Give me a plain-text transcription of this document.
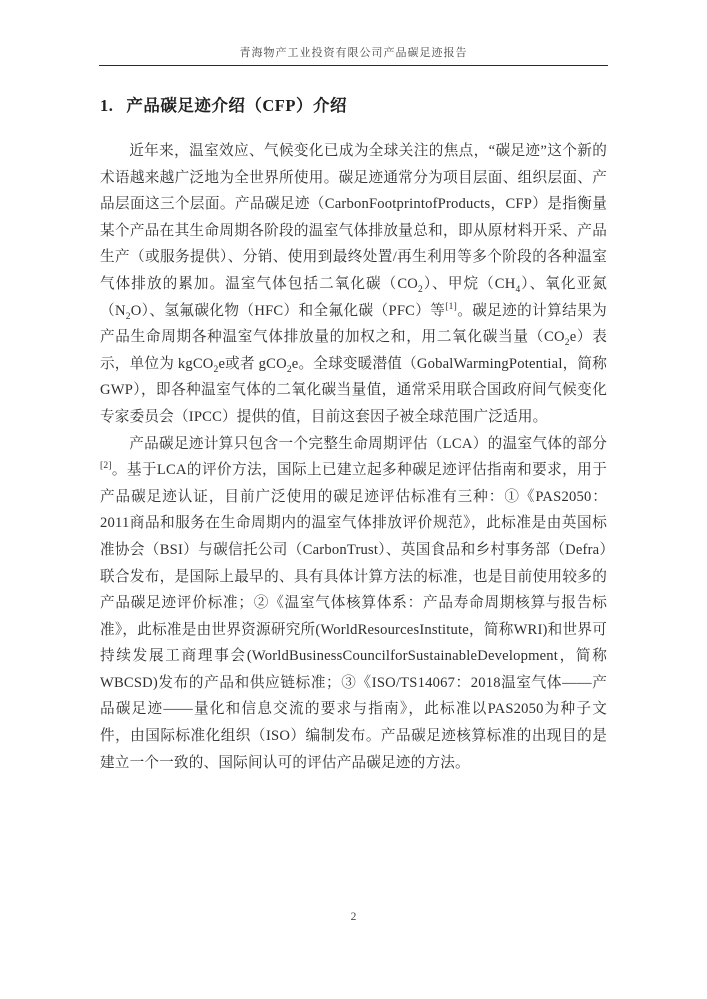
青海物产工业投资有限公司产品碳足迹报告
1. 产品碳足迹介绍（CFP）介绍

近年来，温室效应、气候变化已成为全球关注的焦点，“碳足迹”这个新的术语越来越广泛地为全世界所使用。碳足迹通常分为项目层面、组织层面、产品层面这三个层面。产品碳足迹（CarbonFootprintofProducts，CFP）是指衡量某个产品在其生命周期各阶段的温室气体排放量总和，即从原材料开采、产品生产（或服务提供）、分销、使用到最终处置/再生利用等多个阶段的各种温室气体排放的累加。温室气体包括二氧化碳$(CO_2)$、甲烷$(CH_4)$、氧化亚氮$(N_2O)$、氢氟碳化物（HFC）和全氟化碳（PFC）等[1]。碳足迹的计算结果为产品生命周期各种温室气体排放量的加权之和，用二氧化碳当量$(CO_2e)$表示，单位为 kgCO$_2$e或者 gCO$_2$e。全球变暖潜值（GobalWarmingPotential，简称 GWP），即各种温室气体的二氧化碳当量值，通常采用联合国政府间气候变化专家委员会（IPCC）提供的值，目前这套因子被全球范围广泛适用。

产品碳足迹计算只包含一个完整生命周期评估（LCA）的温室气体的部分[2]。基于LCA的评价方法，国际上已建立起多种碳足迹评估指南和要求，用于产品碳足迹认证，目前广泛使用的碳足迹评估标准有三种：①《PAS2050：2011商品和服务在生命周期内的温室气体排放评价规范》，此标准是由英国标准协会（BSI）与碳信托公司（CarbonTrust）、英国食品和乡村事务部（Defra）联合发布，是国际上最早的、具有具体计算方法的标准，也是目前使用较多的产品碳足迹评价标准；②《温室气体核算体系：产品寿命周期核算与报告标准》，此标准是由世界资源研究所(WorldResourcesInstitute，简称WRI)和世界可持续发展工商理事会(WorldBusinessCouncilforSustainableDevelopment，简称WBCSD)发布的产品和供应链标准；③《ISO/TS14067：2018温室气体——产品碳足迹——量化和信息交流的要求与指南》，此标准以PAS2050为种子文件，由国际标准化组织（ISO）编制发布。产品碳足迹核算标准的出现目的是建立一个一致的、国际间认可的评估产品碳足迹的方法。

2
